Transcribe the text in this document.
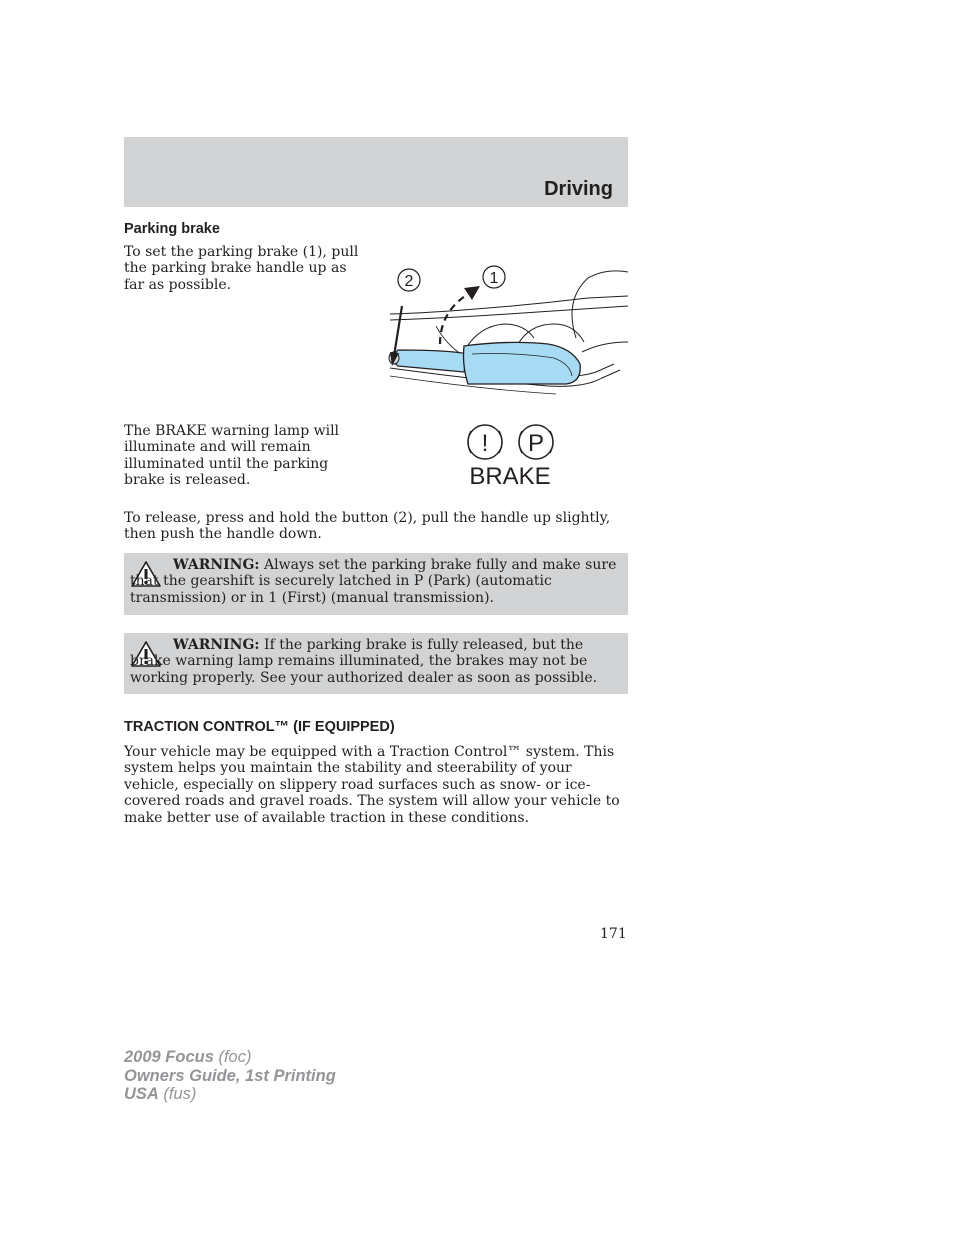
Driving
Parking brake
To set the parking brake (1), pull the parking brake handle up as far as possible.	2	1
The BRAKE warning lamp will illuminate and will remain illuminated until the parking brake is released.
! P
BRAKE
To release, press and hold the button (2), pull the handle up slightly, then push the handle down.
WARNING: Always set the parking brake fully and make sure that the gearshift is securely latched in P (Park) (automatic transmission) or in 1 (First) (manual transmission).
WARNING: If the parking brake is fully released, but the brake warning lamp remains illuminated, the brakes may not be working properly. See your authorized dealer as soon as possible.
TRACTION CONTROL™ (IF EQUIPPED)
Your vehicle may be equipped with a Traction Control™ system. This system helps you maintain the stability and steerability of your vehicle, especially on slippery road surfaces such as snow- or ice-covered roads and gravel roads. The system will allow your vehicle to make better use of available traction in these conditions.
171
2009 Focus (foc)
Owners Guide, 1st Printing
USA (fus)
